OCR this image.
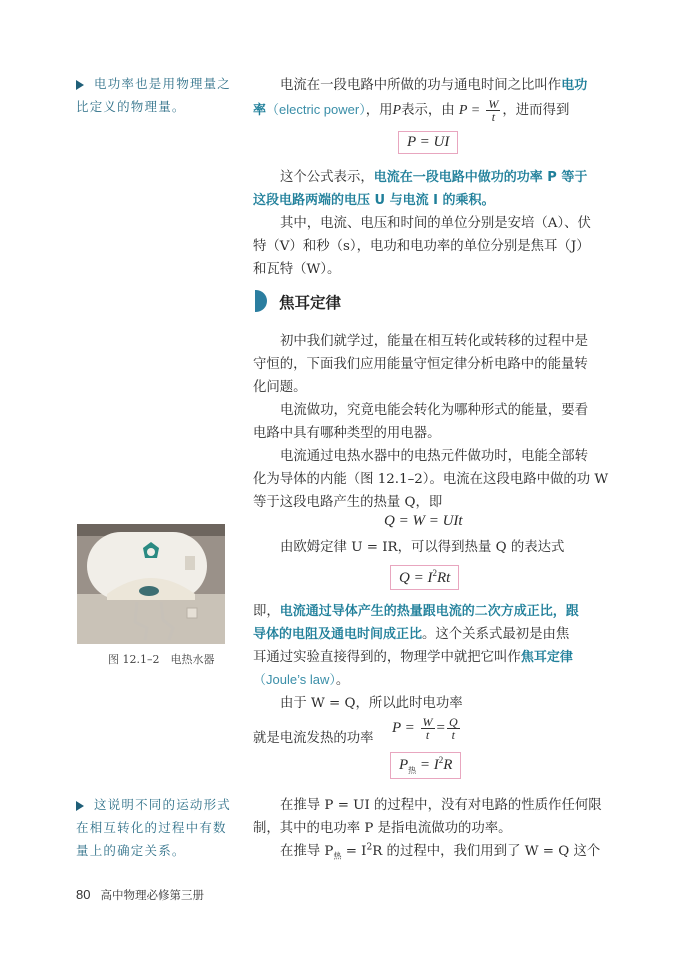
电功率也是用物理量之
比定义的物理量。
这说明不同的运动形式
在相互转化的过程中有数
量上的确定关系。
电流在一段电路中所做的功与通电时间之比叫作电功
率（electric power），用P表示，由 $P = \frac{W}{t}$ ，进而得到
P = UI
这个公式表示，电流在一段电路中做功的功率 P 等于
这段电路两端的电压 U 与电流 I 的乘积。
其中，电流、电压和时间的单位分别是安培（A）、伏
特（V）和秒（s），电功和电功率的单位分别是焦耳（J）
和瓦特（W）。
焦耳定律
初中我们就学过，能量在相互转化或转移的过程中是
守恒的，下面我们应用能量守恒定律分析电路中的能量转
化问题。
电流做功，究竟电能会转化为哪种形式的能量，要看
电路中具有哪种类型的用电器。
电流通过电热水器中的电热元件做功时，电能全部转
化为导体的内能（图 12.1–2）。电流在这段电路中做的功 W
等于这段电路产生的热量 Q，即
Q = W = UIt
由欧姆定律 U = IR，可以得到热量 Q 的表达式
$Q = I^2Rt$
即，电流通过导体产生的热量跟电流的二次方成正比，跟
导体的电阻及通电时间成正比。这个关系式最初是由焦
耳通过实验直接得到的，物理学中就把它叫作焦耳定律
（Joule’s law）。
由于 W = Q，所以此时电功率
$P = \frac{W}{t} = \frac{Q}{t}$
就是电流发热的功率
$P_热 = I^2R$
在推导 P = UI 的过程中，没有对电路的性质作任何限
制，其中的电功率 P 是指电流做功的功率。
在推导 $P_热 = I^2R$ 的过程中，我们用到了 W = Q 这个
图 12.1–2　电热水器
80 高中物理必修第三册
